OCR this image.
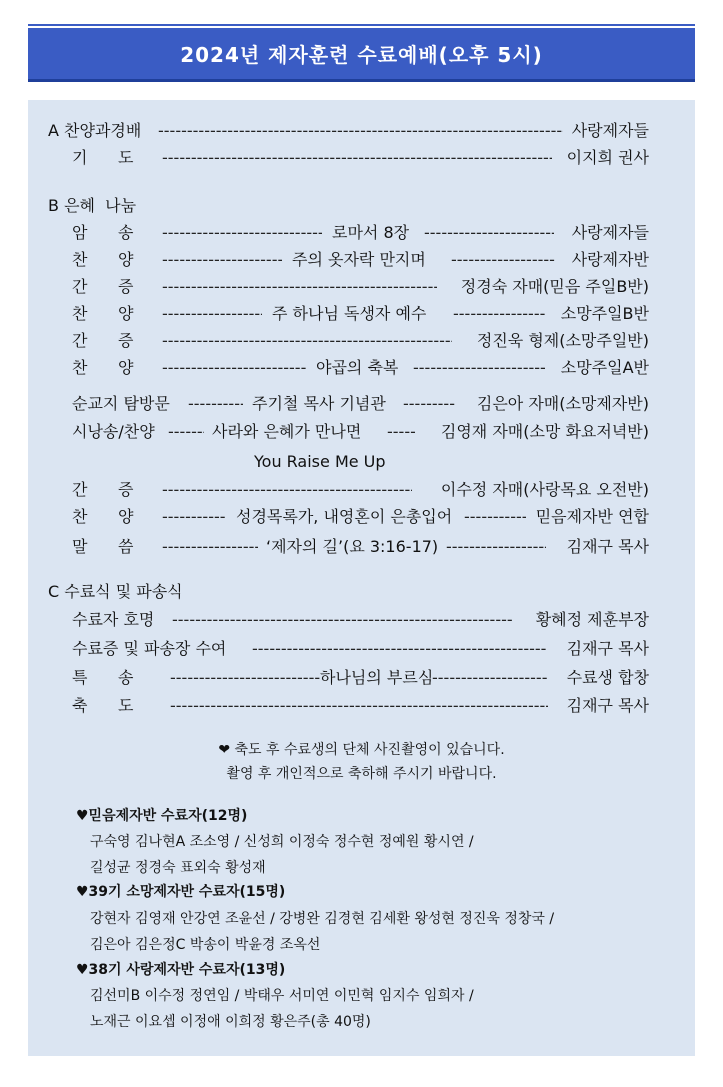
2024년 제자훈련 수료예배(오후 5시)
A 찬양과경배 -----	사랑제자들
기      도 -----	이지희 권사
B 은혜  나눔
암      송 -----	로마서 8장 -----	사랑제자들
찬      양 -----	주의 옷자락 만지며 -----	사랑제자반
간      증 -----	정경숙 자매(믿음 주일B반)
찬      양 -----	주 하나님 독생자 예수 -----	소망주일B반
간      증 -----	정진욱 형제(소망주일반)
찬      양 -----	야곱의 축복 -----	소망주일A반
순교지 탐방문 -----	주기철 목사 기념관 -----	김은아 자매(소망제자반)
시낭송/찬양 -----	사라와 은혜가 만나면 -----	김영재 자매(소망 화요저녁반)
You Raise Me Up
간      증 -----	이수정 자매(사랑목요 오전반)
찬      양 -----	성경목록가, 내영혼이 은총입어 -----	믿음제자반 연합
말      씀 -----	‘제자의 길’(요 3:16-17) -----	김재구 목사
C 수료식 및 파송식
수료자 호명 -----	황혜정 제훈부장
수료증 및 파송장 수여 -----	김재구 목사
특      송 -----	하나님의 부르심 -----	수료생 합창
축      도 -----	김재구 목사
❤ 축도 후 수료생의 단체 사진촬영이 있습니다.
촬영 후 개인적으로 축하해 주시기 바랍니다.
♥믿음제자반 수료자(12명)
구숙영 김나현A 조소영 / 신성희 이정숙 정수현 정예원 황시연 /
길성균 정경숙 표외숙 황성재
♥39기 소망제자반 수료자(15명)
강현자 김영재 안강연 조윤선 / 강병완 김경현 김세환 왕성현 정진욱 정창국 /
김은아 김은정C 박송이 박윤경 조옥선
♥38기 사랑제자반 수료자(13명)
김선미B 이수정 정연임 / 박태우 서미연 이민혁 임지수 임희자 /
노재근 이요셉 이정애 이희정 황은주(총 40명)
